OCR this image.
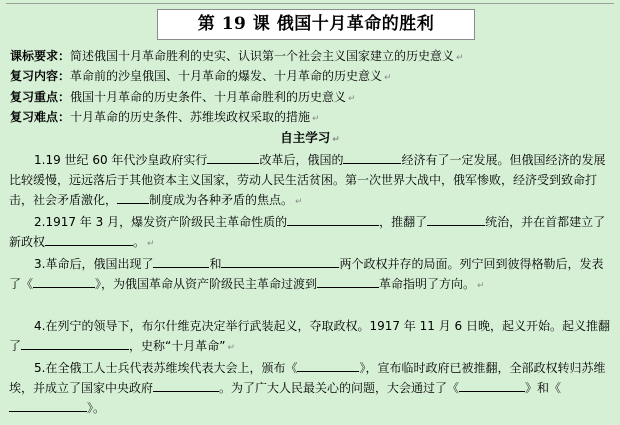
第 19 课 俄国十月革命的胜利
课标要求：简述俄国十月革命胜利的史实、认识第一个社会主义国家建立的历史意义 ↵
复习内容：革命前的沙皇俄国、十月革命的爆发、十月革命的历史意义 ↵
复习重点：俄国十月革命的历史条件、十月革命胜利的历史意义 ↵
复习难点：十月革命的历史条件、苏维埃政权采取的措施 ↵
自主学习 ↵

1.19 世纪 60 年代沙皇政府实行	改革后，俄国的	经济有了一定发展。但俄国经济的发展比较缓慢，远远落后于其他资本主义国家，劳动人民生活贫困。第一次世界大战中，俄军惨败，经济受到致命打击，社会矛盾激化，	制度成为各种矛盾的焦点。 ↵

2.1917 年 3 月，爆发资产阶级民主革命性质的	，推翻了	统治，并在首都建立了新政权	。 ↵

3.革命后，俄国出现了	和	两个政权并存的局面。列宁回到彼得格勒后，发表了《	》，为俄国革命从资产阶级民主革命过渡到	革命指明了方向。 ↵

4.在列宁的领导下，布尔什维克决定举行武装起义，夺取政权。1917 年 11 月 6 日晚，起义开始。起义推翻了	，史称“十月革命” ↵

5.在全俄工人士兵代表苏维埃代表大会上，颁布《	》，宣布临时政府已被推翻，全部政权转归苏维埃，并成立了国家中央政府	。为了广大人民最关心的问题，大会通过了《	》和《》。
